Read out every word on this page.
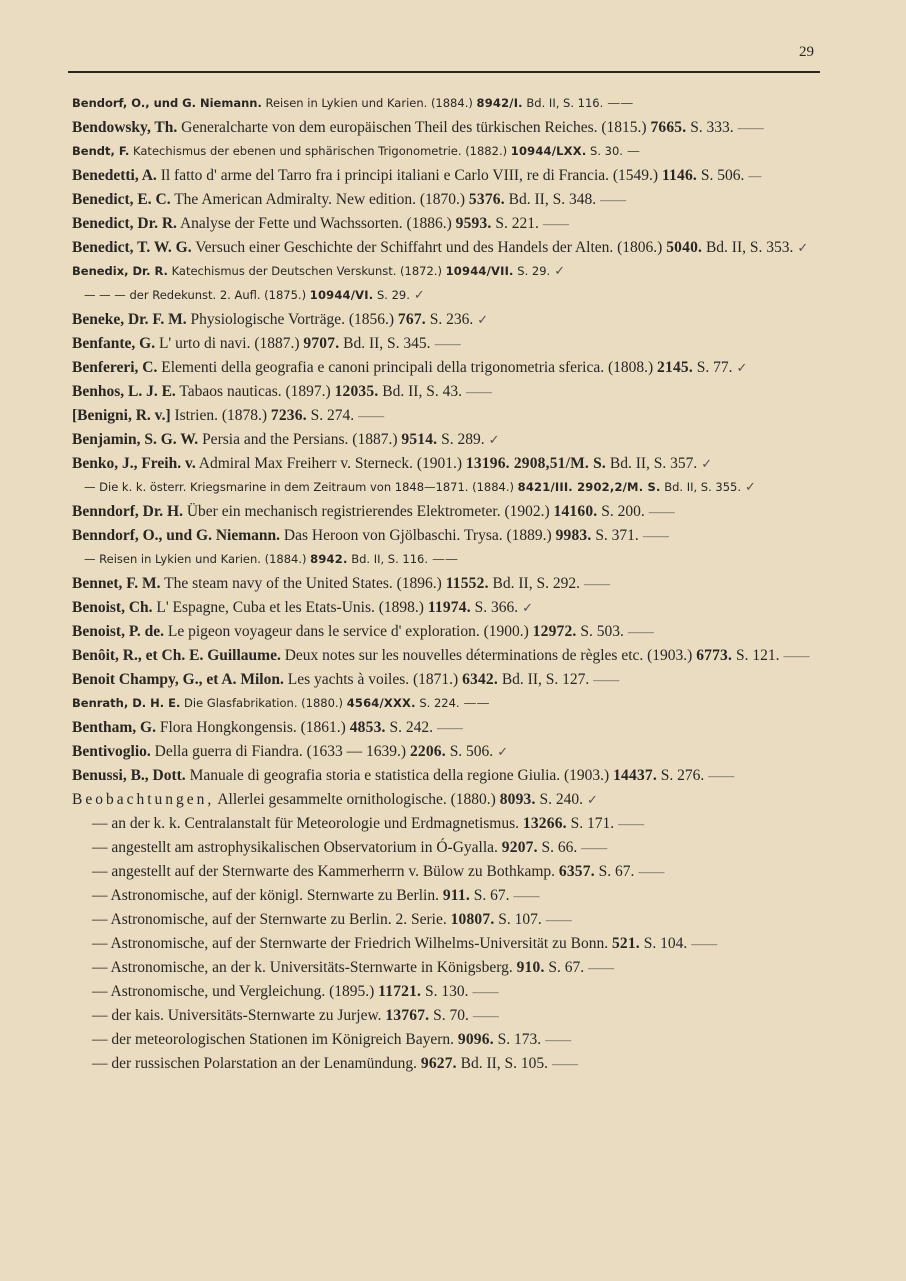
29
Bendorf, O., und G. Niemann. Reisen in Lykien und Karien. (1884.) 8942/I. Bd. II, S. 116. ——
Bendowsky, Th. Generalcharte von dem europäischen Theil des türkischen Reiches. (1815.) 7665. S. 333. ——
Bendt, F. Katechismus der ebenen und sphärischen Trigonometrie. (1882.) 10944/LXX. S. 30. —
Benedetti, A. Il fatto d' arme del Tarro fra i principi italiani e Carlo VIII, re di Francia. (1549.) 1146. S. 506. —
Benedict, E. C. The American Admiralty. New edition. (1870.) 5376. Bd. II, S. 348. ——
Benedict, Dr. R. Analyse der Fette und Wachssorten. (1886.) 9593. S. 221. ——
Benedict, T. W. G. Versuch einer Geschichte der Schiffahrt und des Handels der Alten. (1806.) 5040. Bd. II, S. 353. ✓
Benedix, Dr. R. Katechismus der Deutschen Verskunst. (1872.) 10944/VII. S. 29. ✓
— — — der Redekunst. 2. Aufl. (1875.) 10944/VI. S. 29. ✓
Beneke, Dr. F. M. Physiologische Vorträge. (1856.) 767. S. 236. ✓
Benfante, G. L' urto di navi. (1887.) 9707. Bd. II, S. 345. ——
Benfereri, C. Elementi della geografia e canoni principali della trigonometria sferica. (1808.) 2145. S. 77. ✓
Benhos, L. J. E. Tabaos nauticas. (1897.) 12035. Bd. II, S. 43. ——
[Benigni, R. v.] Istrien. (1878.) 7236. S. 274. ——
Benjamin, S. G. W. Persia and the Persians. (1887.) 9514. S. 289. ✓
Benko, J., Freih. v. Admiral Max Freiherr v. Sterneck. (1901.) 13196. 2908,51/M. S. Bd. II, S. 357. ✓
— Die k. k. österr. Kriegsmarine in dem Zeitraum von 1848—1871. (1884.) 8421/III. 2902,2/M. S. Bd. II, S. 355. ✓
Benndorf, Dr. H. Über ein mechanisch registrierendes Elektrometer. (1902.) 14160. S. 200. ——
Benndorf, O., und G. Niemann. Das Heroon von Gjölbaschi. Trysa. (1889.) 9983. S. 371. ——
— Reisen in Lykien und Karien. (1884.) 8942. Bd. II, S. 116. ——
Bennet, F. M. The steam navy of the United States. (1896.) 11552. Bd. II, S. 292. ——
Benoist, Ch. L' Espagne, Cuba et les Etats-Unis. (1898.) 11974. S. 366. ✓
Benoist, P. de. Le pigeon voyageur dans le service d' exploration. (1900.) 12972. S. 503. ——
Benôit, R., et Ch. E. Guillaume. Deux notes sur les nouvelles déterminations de règles etc. (1903.) 6773. S. 121. ——
Benoit Champy, G., et A. Milon. Les yachts à voiles. (1871.) 6342. Bd. II, S. 127. ——
Benrath, D. H. E. Die Glasfabrikation. (1880.) 4564/XXX. S. 224. ——
Bentham, G. Flora Hongkongensis. (1861.) 4853. S. 242. ——
Bentivoglio. Della guerra di Fiandra. (1633 — 1639.) 2206. S. 506. ✓
Benussi, B., Dott. Manuale di geografia storia e statistica della regione Giulia. (1903.) 14437. S. 276. ——
Beobachtungen, Allerlei gesammelte ornithologische. (1880.) 8093. S. 240. ✓
— an der k. k. Centralanstalt für Meteorologie und Erdmagnetismus. 13266. S. 171. ——
— angestellt am astrophysikalischen Observatorium in Ó-Gyalla. 9207. S. 66. ——
— angestellt auf der Sternwarte des Kammerherrn v. Bülow zu Bothkamp. 6357. S. 67. ——
— Astronomische, auf der königl. Sternwarte zu Berlin. 911. S. 67. ——
— Astronomische, auf der Sternwarte zu Berlin. 2. Serie. 10807. S. 107. ——
— Astronomische, auf der Sternwarte der Friedrich Wilhelms-Universität zu Bonn. 521. S. 104. ——
— Astronomische, an der k. Universitäts-Sternwarte in Königsberg. 910. S. 67. ——
— Astronomische, und Vergleichung. (1895.) 11721. S. 130. ——
— der kais. Universitäts-Sternwarte zu Jurjew. 13767. S. 70. ——
— der meteorologischen Stationen im Königreich Bayern. 9096. S. 173. ——
— der russischen Polarstation an der Lenamündung. 9627. Bd. II, S. 105. ——
